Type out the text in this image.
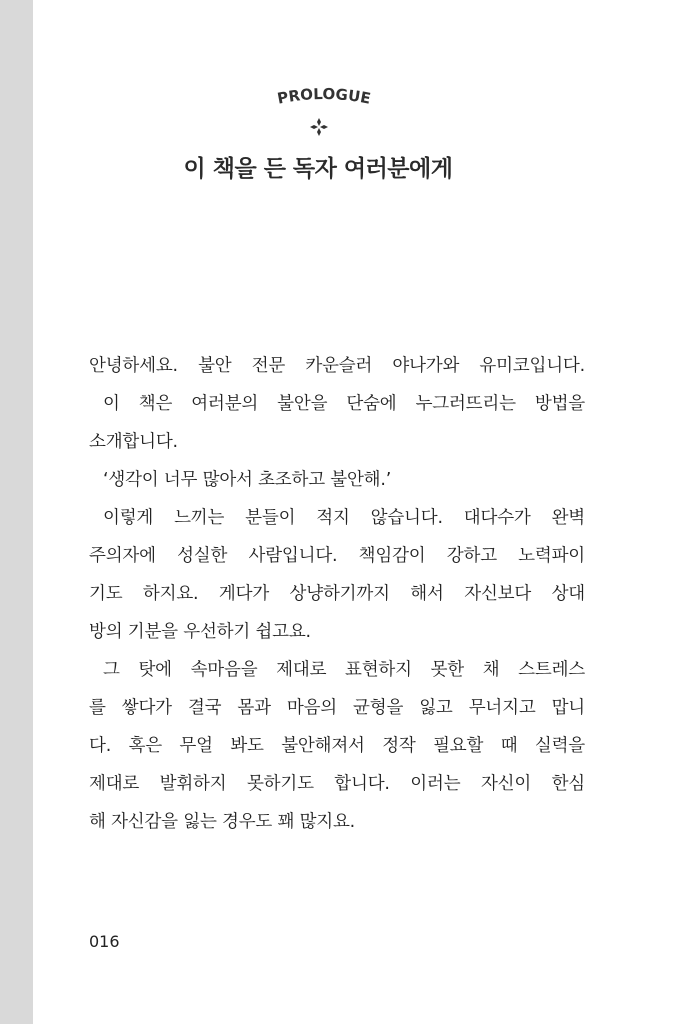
PROLOGUE
이 책을 든 독자 여러분에게
안녕하세요. 불안 전문 카운슬러 야나가와 유미코입니다.
이 책은 여러분의 불안을 단숨에 누그러뜨리는 방법을
소개합니다.
‘생각이 너무 많아서 초조하고 불안해.’
이렇게 느끼는 분들이 적지 않습니다. 대다수가 완벽
주의자에 성실한 사람입니다. 책임감이 강하고 노력파이
기도 하지요. 게다가 상냥하기까지 해서 자신보다 상대
방의 기분을 우선하기 쉽고요.
그 탓에 속마음을 제대로 표현하지 못한 채 스트레스
를 쌓다가 결국 몸과 마음의 균형을 잃고 무너지고 맙니
다. 혹은 무얼 봐도 불안해져서 정작 필요할 때 실력을
제대로 발휘하지 못하기도 합니다. 이러는 자신이 한심
해 자신감을 잃는 경우도 꽤 많지요.

016
